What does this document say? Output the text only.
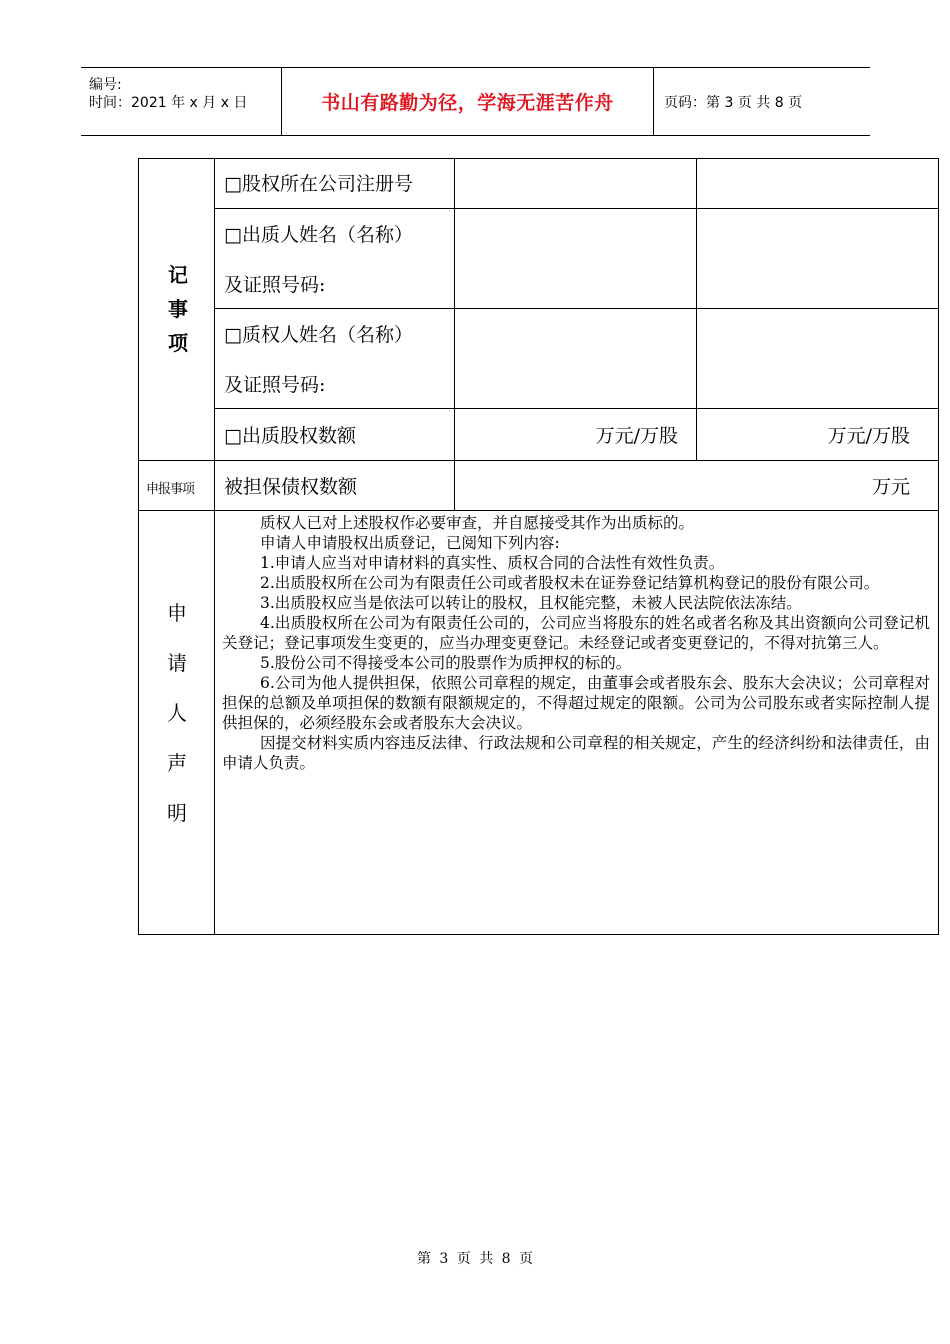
编号:
时间：2021 年 x 月 x 日	书山有路勤为径，学海无涯苦作舟	页码：第 3 页 共 8 页
记
事
项
□股权所在公司注册号
□出质人姓名（名称）
及证照号码:
□质权人姓名（名称）
及证照号码:
□出质股权数额	万元/万股	万元/万股
申报事项 被担保债权数额	万元
申
请
人
声
明

质权人已对上述股权作必要审查，并自愿接受其作为出质标的。

申请人申请股权出质登记，已阅知下列内容:

1.申请人应当对申请材料的真实性、质权合同的合法性有效性负责。

2.出质股权所在公司为有限责任公司或者股权未在证券登记结算机构登记的股份有限公司。

3.出质股权应当是依法可以转让的股权，且权能完整，未被人民法院依法冻结。

4.出质股权所在公司为有限责任公司的，公司应当将股东的姓名或者名称及其出资额向公司登记机关登记；登记事项发生变更的，应当办理变更登记。未经登记或者变更登记的，不得对抗第三人。

5.股份公司不得接受本公司的股票作为质押权的标的。

6.公司为他人提供担保，依照公司章程的规定，由董事会或者股东会、股东大会决议；公司章程对担保的总额及单项担保的数额有限额规定的，不得超过规定的限额。公司为公司股东或者实际控制人提供担保的，必须经股东会或者股东大会决议。

因提交材料实质内容违反法律、行政法规和公司章程的相关规定，产生的经济纠纷和法律责任，由申请人负责。

第 3 页 共 8 页
